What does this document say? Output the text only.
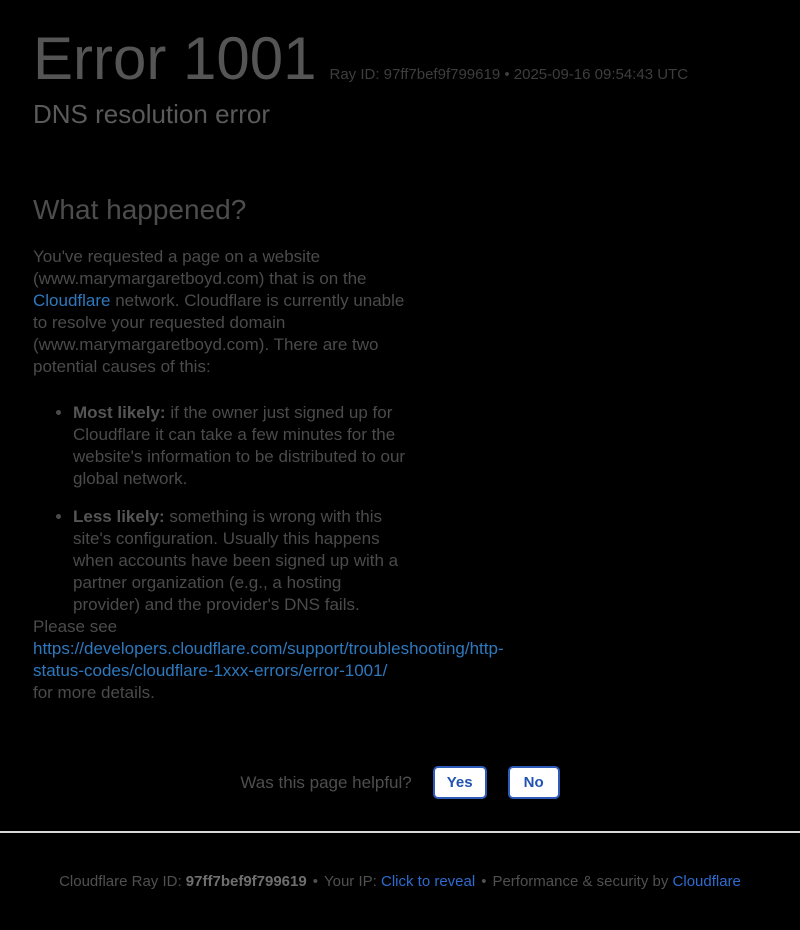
Error 1001 Ray ID: 97ff7bef9f799619 • 2025-09-16 09:54:43 UTC
DNS resolution error
What happened?

You've requested a page on a website (www.marymargaretboyd.com) that is on the Cloudflare network. Cloudflare is currently unable to resolve your requested domain (www.marymargaretboyd.com). There are two potential causes of this:

• Most likely: if the owner just signed up for Cloudflare it can take a few minutes for the website's information to be distributed to our global network.
• Less likely: something is wrong with this site's configuration. Usually this happens when accounts have been signed up with a partner organization (e.g., a hosting provider) and the provider's DNS fails.

Please see
https://developers.cloudflare.com/support/troubleshooting/http-status-codes/cloudflare-1xxx-errors/error-1001/
for more details.

Was this page helpful?	Yes	No

Cloudflare Ray ID: 97ff7bef9f799619 • Your IP: Click to reveal • Performance & security by Cloudflare
